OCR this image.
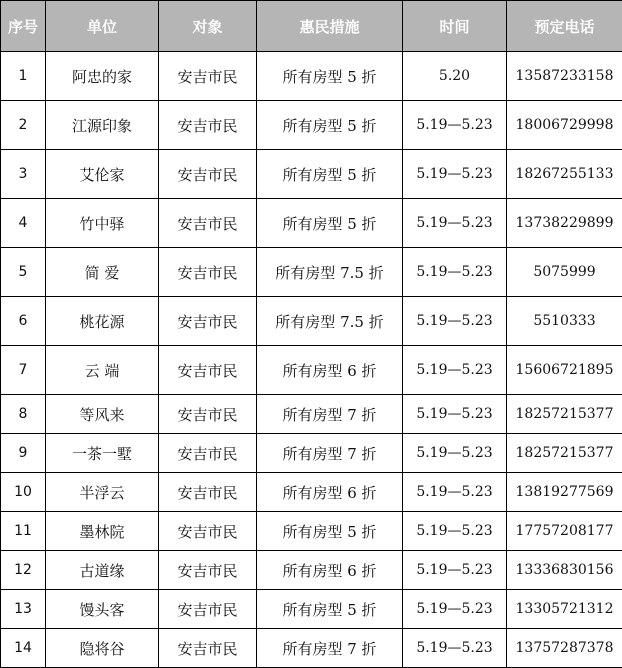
序号	单位	对象	惠民措施	时间	预定电话
1	阿忠的家	安吉市民	所有房型 5 折	5.20	13587233158
2	江源印象	安吉市民	所有房型 5 折	5.19—5.23	18006729998
3	艾伦家	安吉市民	所有房型 5 折	5.19—5.23	18267255133
4	竹中驿	安吉市民	所有房型 5 折	5.19—5.23	13738229899
5	简 爱	安吉市民	所有房型 7.5 折	5.19—5.23	5075999
6	桃花源	安吉市民	所有房型 7.5 折	5.19—5.23	5510333
7	云 端	安吉市民	所有房型 6 折	5.19—5.23	15606721895
8	等风来	安吉市民	所有房型 7 折	5.19—5.23	18257215377
9	一茶一墅	安吉市民	所有房型 7 折	5.19—5.23	18257215377
10	半浮云	安吉市民	所有房型 6 折	5.19—5.23	13819277569
11	墨林院	安吉市民	所有房型 5 折	5.19—5.23	17757208177
12	古道缘	安吉市民	所有房型 6 折	5.19—5.23	13336830156
13	馒头客	安吉市民	所有房型 5 折	5.19—5.23	13305721312
14	隐将谷	安吉市民	所有房型 7 折	5.19—5.23	13757287378
